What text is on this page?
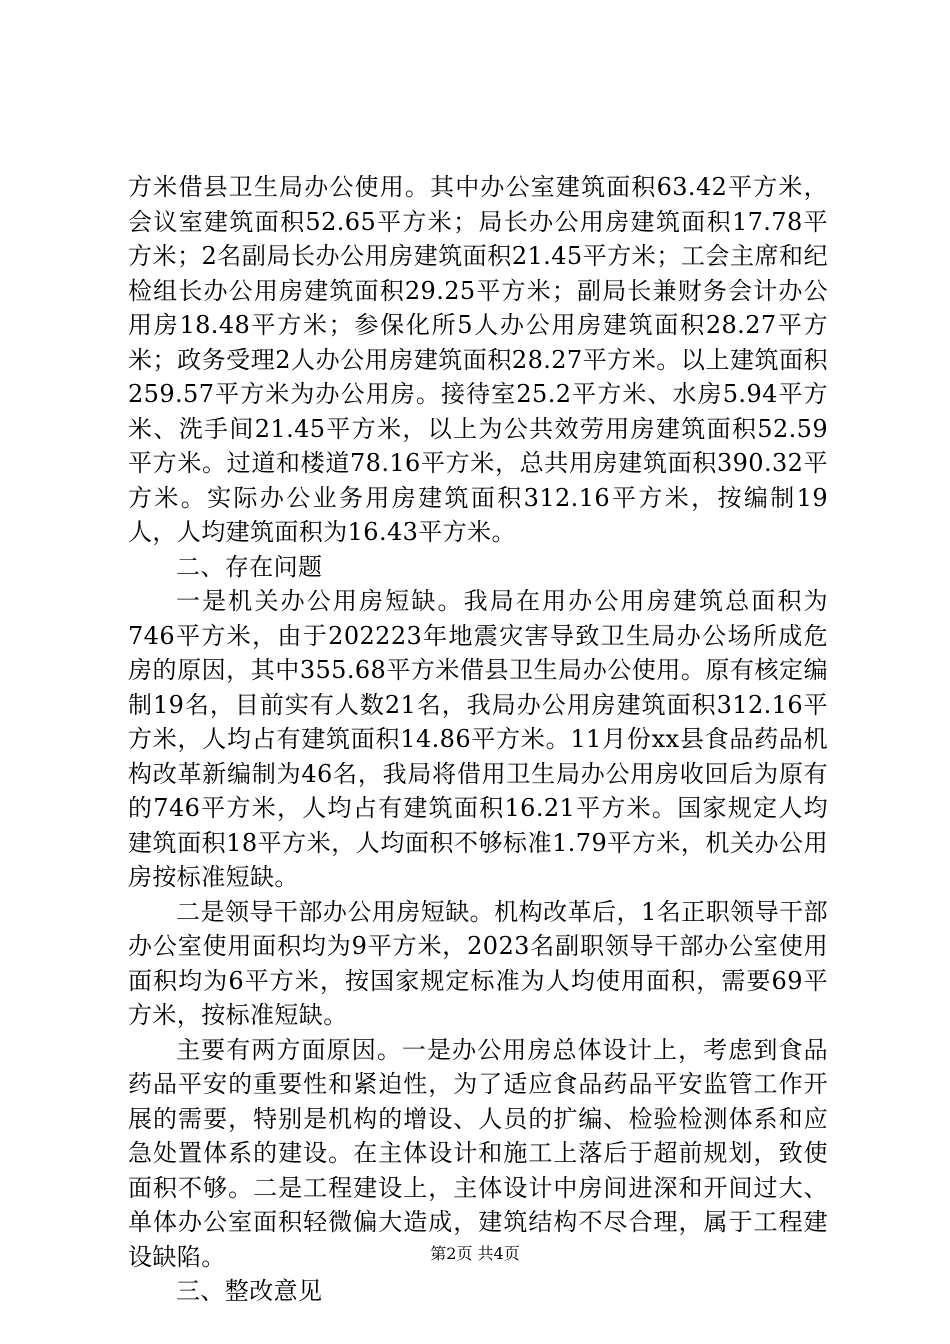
方米借县卫生局办公使用。其中办公室建筑面积63.42平方米，会议室建筑面积52.65平方米；局长办公用房建筑面积17.78平方米；2名副局长办公用房建筑面积21.45平方米；工会主席和纪检组长办公用房建筑面积29.25平方米；副局长兼财务会计办公用房18.48平方米；参保化所5人办公用房建筑面积28.27平方米；政务受理2人办公用房建筑面积28.27平方米。以上建筑面积259.57平方米为办公用房。接待室25.2平方米、水房5.94平方米、洗手间21.45平方米，以上为公共效劳用房建筑面积52.59平方米。过道和楼道78.16平方米，总共用房建筑面积390.32平方米。实际办公业务用房建筑面积312.16平方米，按编制19人，人均建筑面积为16.43平方米。

二、存在问题

一是机关办公用房短缺。我局在用办公用房建筑总面积为746平方米，由于202223年地震灾害导致卫生局办公场所成危房的原因，其中355.68平方米借县卫生局办公使用。原有核定编制19名，目前实有人数21名，我局办公用房建筑面积312.16平方米，人均占有建筑面积14.86平方米。11月份xx县食品药品机构改革新编制为46名，我局将借用卫生局办公用房收回后为原有的746平方米，人均占有建筑面积16.21平方米。国家规定人均建筑面积18平方米，人均面积不够标准1.79平方米，机关办公用房按标准短缺。

二是领导干部办公用房短缺。机构改革后，1名正职领导干部办公室使用面积均为9平方米，2023名副职领导干部办公室使用面积均为6平方米，按国家规定标准为人均使用面积，需要69平方米，按标准短缺。

主要有两方面原因。一是办公用房总体设计上，考虑到食品药品平安的重要性和紧迫性，为了适应食品药品平安监管工作开展的需要，特别是机构的增设、人员的扩编、检验检测体系和应急处置体系的建设。在主体设计和施工上落后于超前规划，致使面积不够。二是工程建设上，主体设计中房间进深和开间过大、单体办公室面积轻微偏大造成，建筑结构不尽合理，属于工程建设缺陷。

三、整改意见

第2页 共4页
